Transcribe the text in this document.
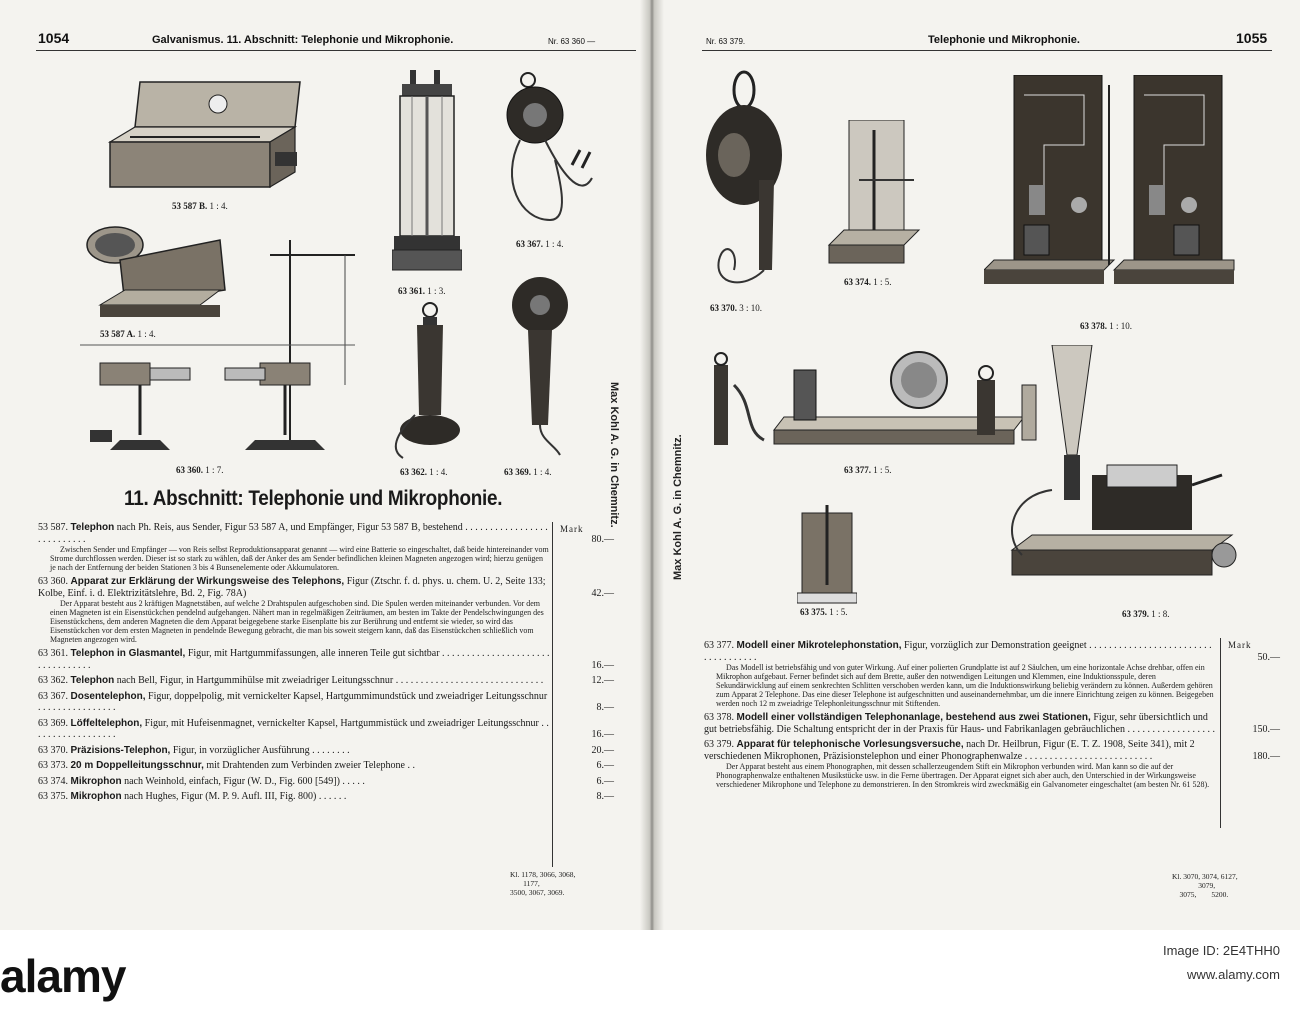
1054	Galvanismus. 11. Abschnitt: Telephonie und Mikrophonie.	Nr. 63 360 —
53 587 B. 1 : 4.
53 587 A. 1 : 4.
63 360. 1 : 7.
63 361. 1 : 3.
63 367. 1 : 4.
63 362. 1 : 4.	63 369. 1 : 4.
11. Abschnitt: Telephonie und Mikrophonie.
Mark
53 587. Telephon nach Ph. Reis, aus Sender, Figur 53 587 A, und Empfänger, Figur 53 587 B, bestehend . . . . . . . . . . . . . . . . . . . . . . . . . . .
Zwischen Sender und Empfänger — von Reis selbst Reproduktionsapparat genannt — wird eine Batterie so eingeschaltet, daß beide hintereinander vom Strome durchflossen werden. Dieser ist so stark zu wählen, daß der Anker des am Sender befindlichen kleinen Magneten angezogen wird; hierzu genügen je nach der Entfernung der beiden Stationen 3 bis 4 Bunsenelemente oder Akkumulatoren.
80.—
63 360. Apparat zur Erklärung der Wirkungsweise des Telephons, Figur (Ztschr. f. d. phys. u. chem. U. 2, Seite 133; Kolbe, Einf. i. d. Elektrizitätslehre, Bd. 2, Fig. 78A)
Der Apparat besteht aus 2 kräftigen Magnetstäben, auf welche 2 Drahtspulen aufgeschoben sind. Die Spulen werden miteinander verbunden. Vor dem einen Magneten ist ein Eisenstückchen pendelnd aufgehangen. Nähert man in regelmäßigen Zeiträumen, am besten im Takte der Pendelschwingungen des Eisenstückchens, dem anderen Magneten die dem Apparat beigegebene starke Eisenplatte bis zur Berührung und entfernt sie wieder, so wird das Eisenstückchen vor dem ersten Magneten in pendelnde Bewegung gebracht, die man bis soweit steigern kann, daß das Eisenstückchen schließlich vom Magneten angezogen wird.
42.—
63 361. Telephon in Glasmantel, Figur, mit Hartgummifassungen, alle inneren Teile gut sichtbar . . . . . . . . . . . . . . . . . . . . . . . . . . . . . . . . .	16.—
63 362. Telephon nach Bell, Figur, in Hartgummihülse mit zweiadriger Leitungsschnur . . . . . . . . . . . . . . . . . . . . . . . . . . . . . .	12.—
63 367. Dosentelephon, Figur, doppelpolig, mit vernickelter Kapsel, Hartgummimundstück und zweiadriger Leitungsschnur . . . . . . . . . . . . . . . .	8.—
63 369. Löffeltelephon, Figur, mit Hufeisenmagnet, vernickelter Kapsel, Hartgummistück und zweiadriger Leitungsschnur . . . . . . . . . . . . . . . . . .	16.—
63 370. Präzisions-Telephon, Figur, in vorzüglicher Ausführung . . . . . . . .	20.—
63 373. 20 m Doppelleitungsschnur, mit Drahtenden zum Verbinden zweier Telephone . .	6.—
63 374. Mikrophon nach Weinhold, einfach, Figur (W. D., Fig. 600 [549]) . . . . .	6.—
63 375. Mikrophon nach Hughes, Figur (M. P. 9. Aufl. III, Fig. 800) . . . . . .	8.—
Kl. 1178, 3066, 3068,
1177,
3500, 3067, 3069.
Nr. 63 379.	Telephonie und Mikrophonie.	1055
63 370. 3 : 10.
63 374. 1 : 5.
63 378. 1 : 10.
63 377. 1 : 5.
63 375. 1 : 5.	63 379. 1 : 8.
Mark
63 377. Modell einer Mikrotelephonstation, Figur, vorzüglich zur Demonstration geeignet . . . . . . . . . . . . . . . . . . . . . . . . . . . . . . . . . . . .
Das Modell ist betriebsfähig und von guter Wirkung. Auf einer polierten Grundplatte ist auf 2 Säulchen, um eine horizontale Achse drehbar, offen ein Mikrophon aufgebaut. Ferner befindet sich auf dem Brette, außer den notwendigen Leitungen und Klemmen, eine Induktionsspule, deren Sekundärwicklung auf einem senkrechten Schlitten verschoben werden kann, um die Induktionswirkung beliebig verändern zu können. Außerdem gehören zum Apparat 2 Telephone. Das eine dieser Telephone ist aufgeschnitten und auseinandernehmbar, um die innere Einrichtung zeigen zu können. Beigegeben werden noch 12 m zweiadrige Telephonleitungsschnur mit Stiftenden.
50.—
63 378. Modell einer vollständigen Telephonanlage, bestehend aus zwei Stationen, Figur, sehr übersichtlich und gut betriebsfähig. Die Schaltung entspricht der in der Praxis für Haus- und Fabrikanlagen gebräuchlichen . . . . . . . . . . . . . . . . . .	150.—
63 379. Apparat für telephonische Vorlesungsversuche, nach Dr. Heilbrun, Figur (E. T. Z. 1908, Seite 341), mit 2 verschiedenen Mikrophonen, Präzisionstelephon und einer Phonographenwalze . . . . . . . . . . . . . . . . . . . . . . . . . .
Der Apparat besteht aus einem Phonographen, mit dessen schallerzeugendem Stift ein Mikrophon verbunden wird. Man kann so die auf der Phonographenwalze enthaltenen Musikstücke usw. in die Ferne übertragen. Der Apparat eignet sich aber auch, den Unterschied in der Wirkungsweise verschiedener Mikrophone und Telephone zu demonstrieren. In den Stromkreis wird zweckmäßig ein Galvanometer eingeschaltet (am besten Nr. 61 528).
180.—
Kl. 3070, 3074, 6127,
3079,
3075,        5200.
Max Kohl A. G. in Chemnitz.	Max Kohl A. G. in Chemnitz.
alamy	Image ID: 2E4THH0
www.alamy.com
